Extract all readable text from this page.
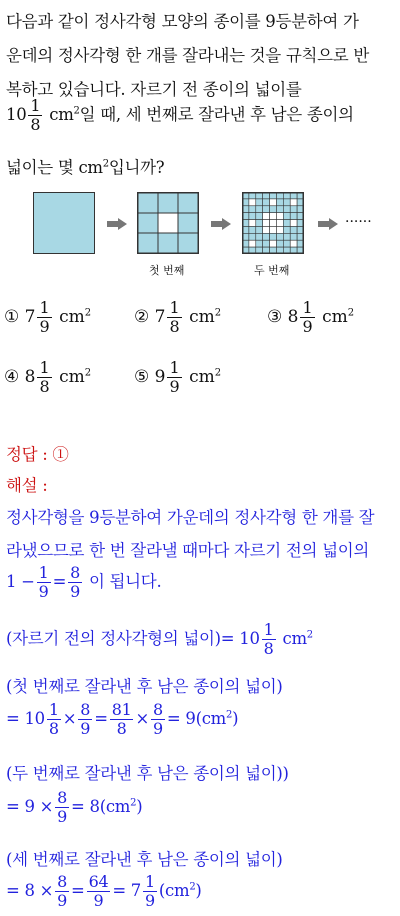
다음과 같이 정사각형 모양의 종이를 9등분하여 가
운데의 정사각형 한 개를 잘라내는 것을 규칙으로 반
복하고 있습니다. 자르기 전 종이의 넓이를
$10 \frac{1}{8} cm^2$일 때, 세 번째로 잘라낸 후 남은 종이의
넓이는 몇 $cm^2$입니까?
······
첫 번째	두 번째
① $7 \frac{1}{9} cm^2$	② $7 \frac{1}{8} cm^2$	③ $8 \frac{1}{9} cm^2$
④ $8 \frac{1}{8} cm^2$	⑤ $9 \frac{1}{9} cm^2$
정답 : ①
해설 :
정사각형을 9등분하여 가운데의 정사각형 한 개를 잘
라냈으므로 한 번 잘라낼 때마다 자르기 전의 넓이의
$1 - \frac{1}{9} = \frac{8}{9}$ 이 됩니다.
(자르기 전의 정사각형의 넓이)= $10 \frac{1}{8} cm^2$
(첫 번째로 잘라낸 후 남은 종이의 넓이)
= $10 \frac{1}{8} \times \frac{8}{9} = \frac{81}{8} \times \frac{8}{9} = 9(cm^2)$
(두 번째로 잘라낸 후 남은 종이의 넓이))
= $9 \times \frac{8}{9} = 8(cm^2)$
(세 번째로 잘라낸 후 남은 종이의 넓이)
= $8 \times \frac{8}{9} = \frac{64}{9} = 7 \frac{1}{9} (cm^2)$
